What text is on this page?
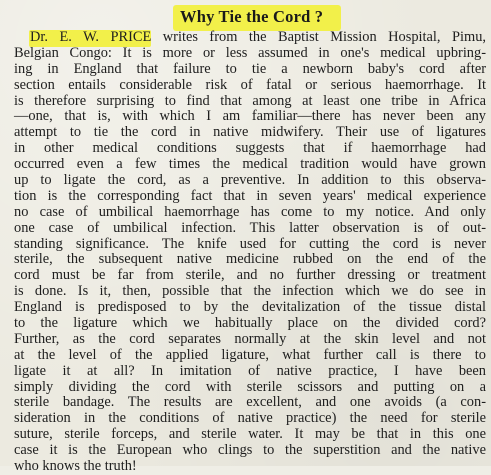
Why Tie the Cord ?
Dr. E. W. PRICE writes from the Baptist Mission Hospital, Pimu,
Belgian Congo: It is more or less assumed in one's medical upbring-
ing in England that failure to tie a newborn baby's cord after
section entails considerable risk of fatal or serious haemorrhage. It
is therefore surprising to find that among at least one tribe in Africa
—one, that is, with which I am familiar—there has never been any
attempt to tie the cord in native midwifery. Their use of ligatures
in other medical conditions suggests that if haemorrhage had
occurred even a few times the medical tradition would have grown
up to ligate the cord, as a preventive. In addition to this observa-
tion is the corresponding fact that in seven years' medical experience
no case of umbilical haemorrhage has come to my notice. And only
one case of umbilical infection. This latter observation is of out-
standing significance. The knife used for cutting the cord is never
sterile, the subsequent native medicine rubbed on the end of the
cord must be far from sterile, and no further dressing or treatment
is done. Is it, then, possible that the infection which we do see in
England is predisposed to by the devitalization of the tissue distal
to the ligature which we habitually place on the divided cord?
Further, as the cord separates normally at the skin level and not
at the level of the applied ligature, what further call is there to
ligate it at all? In imitation of native practice, I have been
simply dividing the cord with sterile scissors and putting on a
sterile bandage. The results are excellent, and one avoids (a con-
sideration in the conditions of native practice) the need for sterile
suture, sterile forceps, and sterile water. It may be that in this one
case it is the European who clings to the superstition and the native
who knows the truth!
